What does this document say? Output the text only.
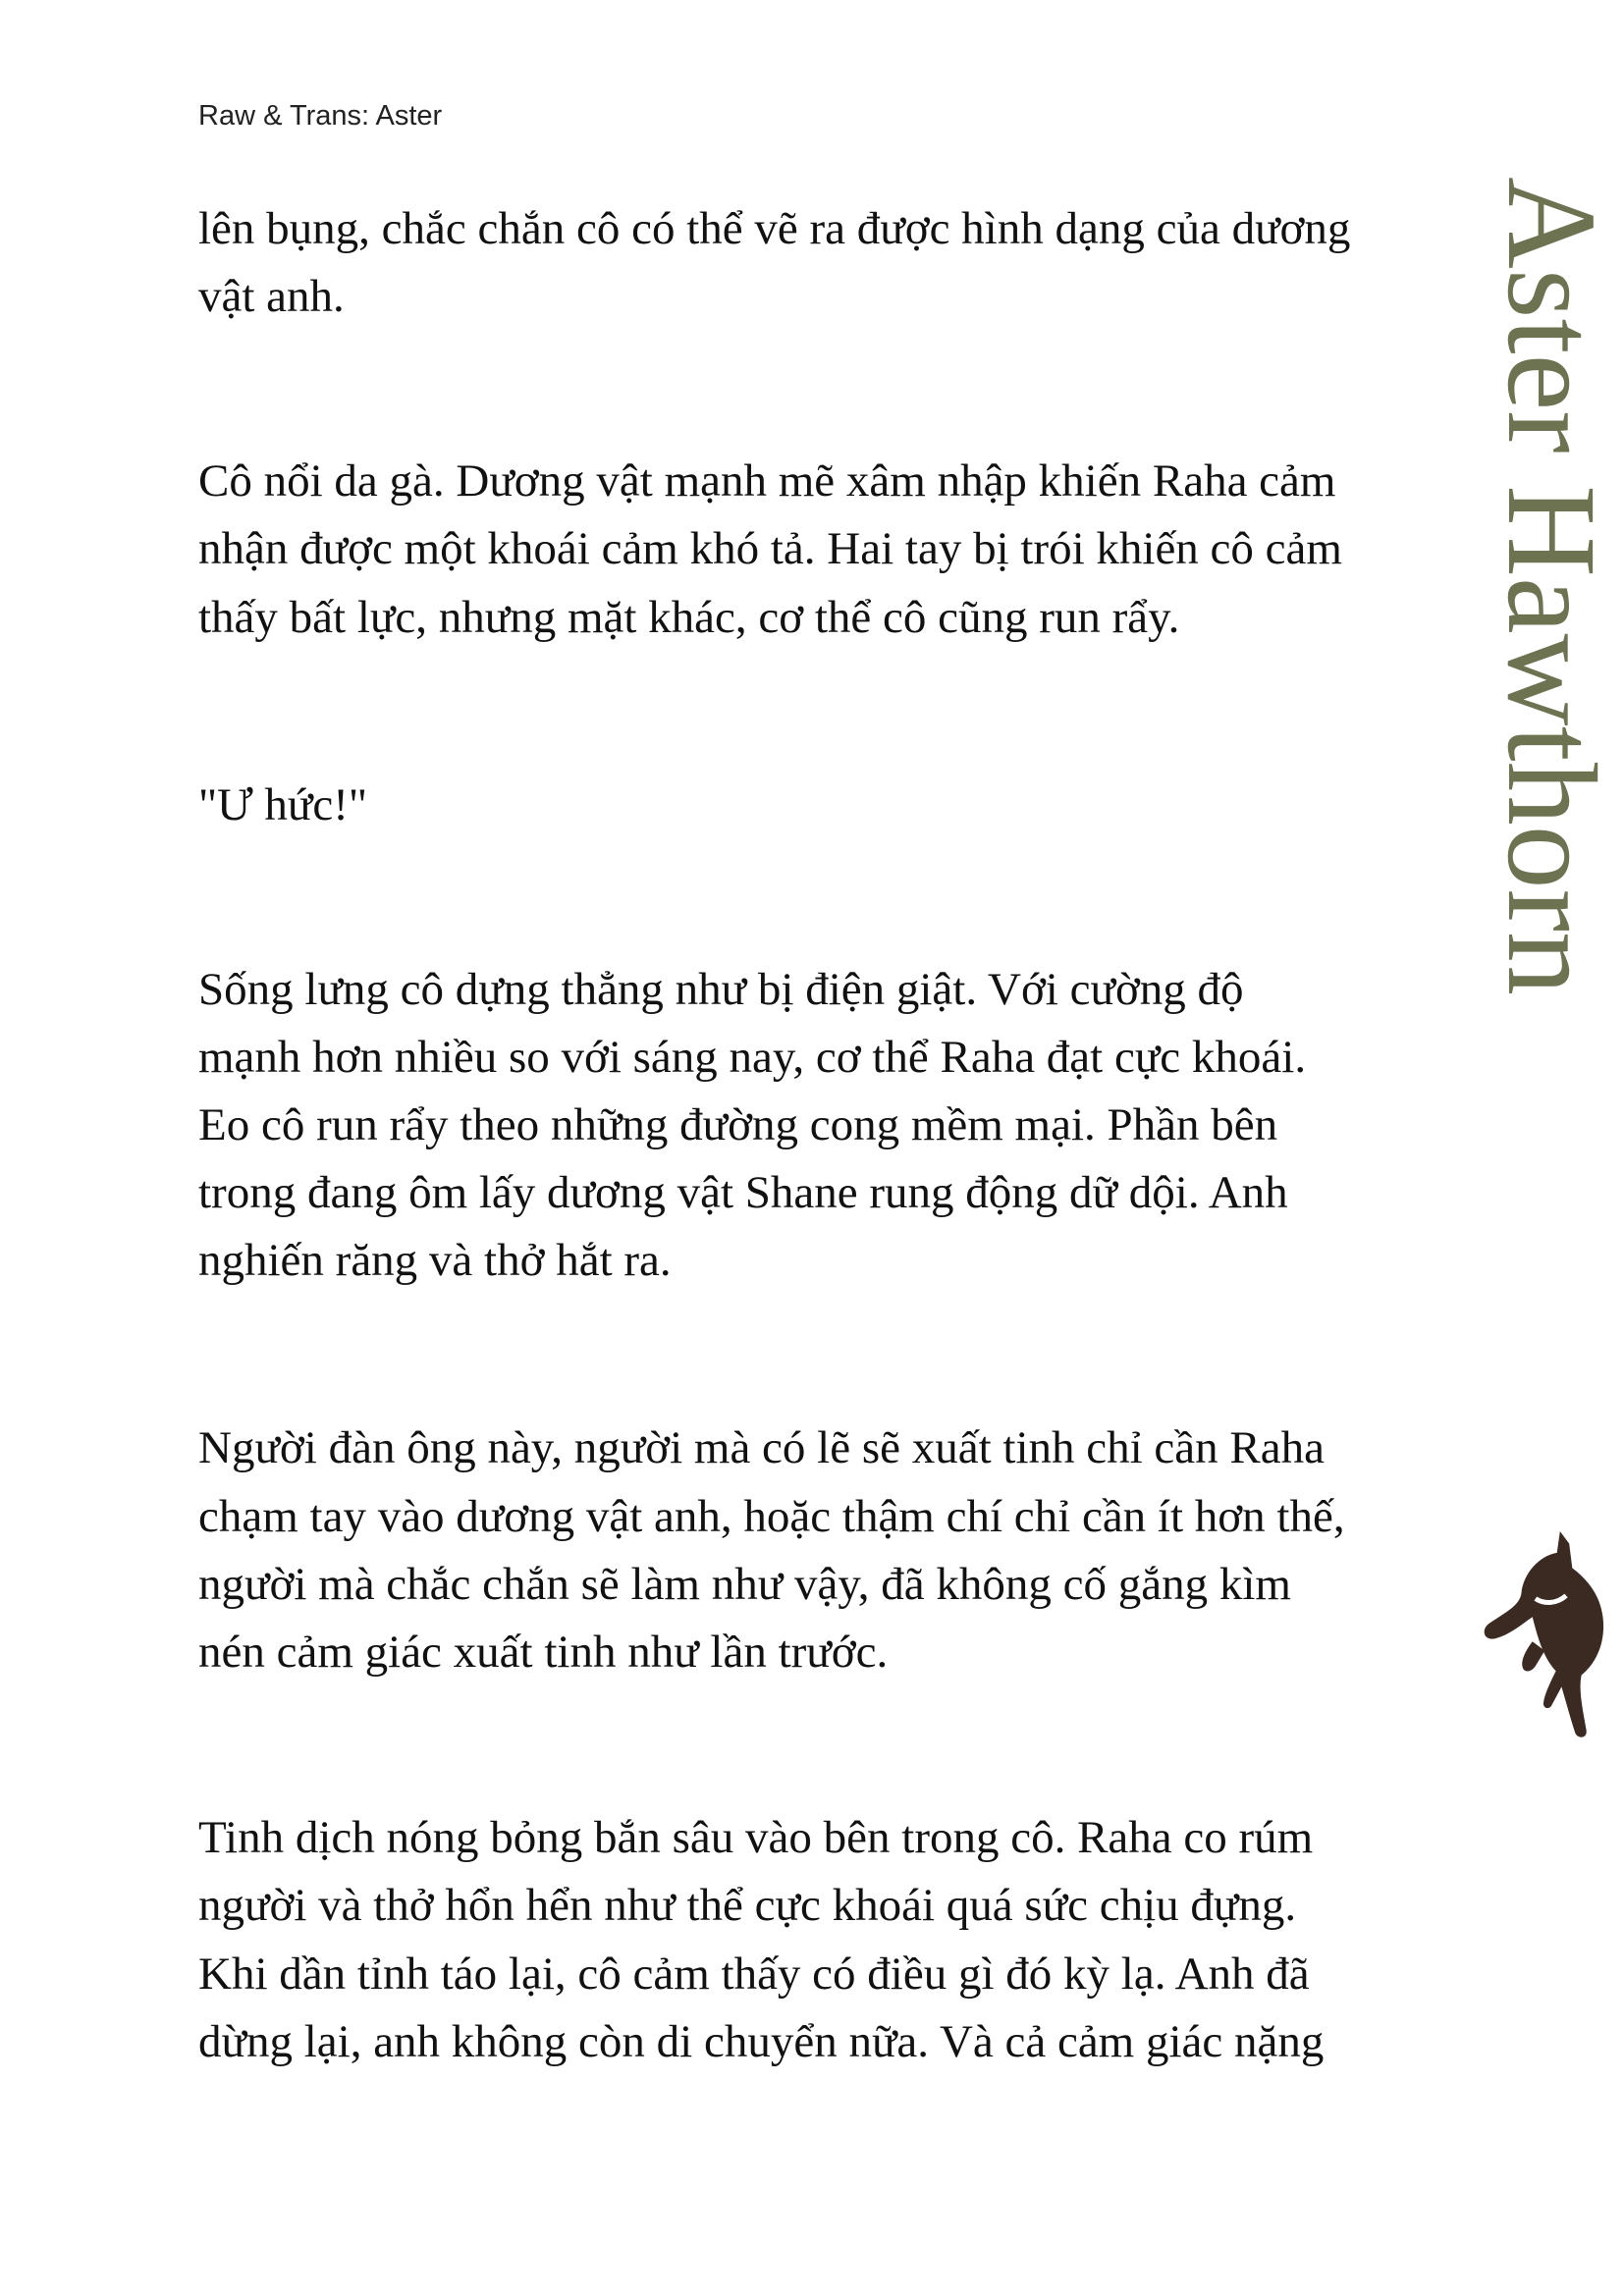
Raw & Trans: Aster
lên bụng, chắc chắn cô có thể vẽ ra được hình dạng của dương
vật anh.
Cô nổi da gà. Dương vật mạnh mẽ xâm nhập khiến Raha cảm
nhận được một khoái cảm khó tả. Hai tay bị trói khiến cô cảm
thấy bất lực, nhưng mặt khác, cơ thể cô cũng run rẩy.
"Ư hức!"
Sống lưng cô dựng thẳng như bị điện giật. Với cường độ
mạnh hơn nhiều so với sáng nay, cơ thể Raha đạt cực khoái.
Eo cô run rẩy theo những đường cong mềm mại. Phần bên
trong đang ôm lấy dương vật Shane rung động dữ dội. Anh
nghiến răng và thở hắt ra.
Người đàn ông này, người mà có lẽ sẽ xuất tinh chỉ cần Raha
chạm tay vào dương vật anh, hoặc thậm chí chỉ cần ít hơn thế,
người mà chắc chắn sẽ làm như vậy, đã không cố gắng kìm
nén cảm giác xuất tinh như lần trước.
Tinh dịch nóng bỏng bắn sâu vào bên trong cô. Raha co rúm
người và thở hổn hển như thể cực khoái quá sức chịu đựng.
Khi dần tỉnh táo lại, cô cảm thấy có điều gì đó kỳ lạ. Anh đã
dừng lại, anh không còn di chuyển nữa. Và cả cảm giác nặng
Aster Hawthorn
